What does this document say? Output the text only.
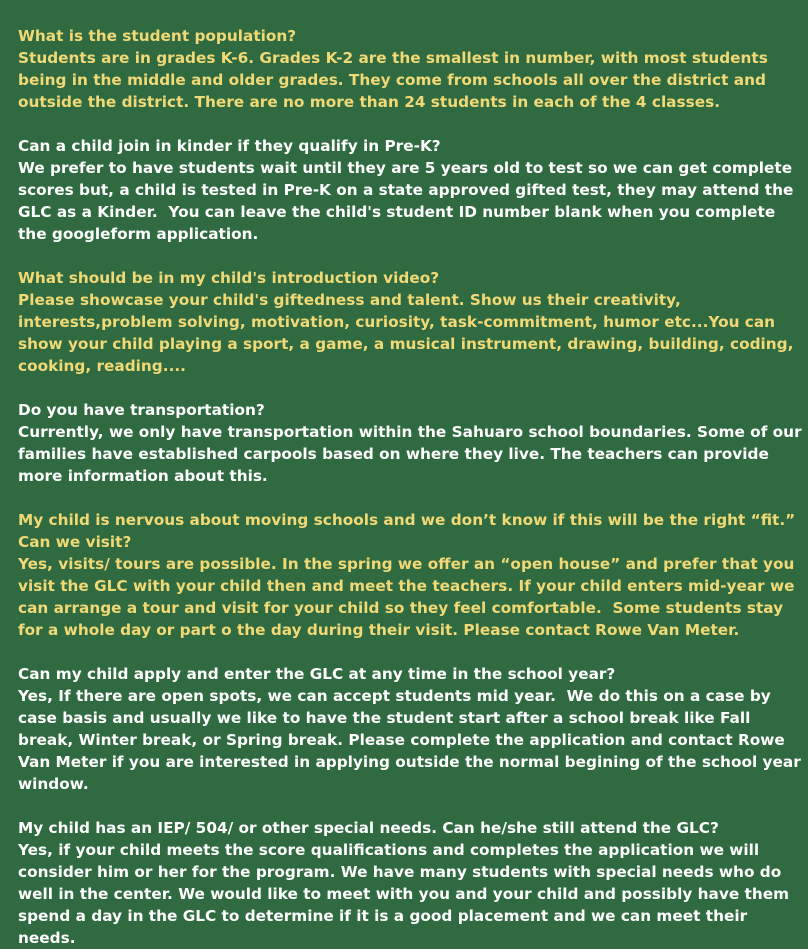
What is the student population?

Students are in grades K-6. Grades K-2 are the smallest in number, with most students being in the middle and older grades. They come from schools all over the district and outside the district. There are no more than 24 students in each of the 4 classes.

Can a child join in kinder if they qualify in Pre-K?

We prefer to have students wait until they are 5 years old to test so we can get complete scores but, a child is tested in Pre-K on a state approved gifted test, they may attend the GLC as a Kinder.  You can leave the child's student ID number blank when you complete the googleform application.

What should be in my child's introduction video?

Please showcase your child's giftedness and talent. Show us their creativity, interests,problem solving, motivation, curiosity, task-commitment, humor etc...You can show your child playing a sport, a game, a musical instrument, drawing, building, coding, cooking, reading....

Do you have transportation?

Currently, we only have transportation within the Sahuaro school boundaries. Some of our families have established carpools based on where they live. The teachers can provide more information about this.

My child is nervous about moving schools and we don’t know if this will be the right “fit.” Can we visit?

Yes, visits/ tours are possible. In the spring we offer an “open house” and prefer that you visit the GLC with your child then and meet the teachers. If your child enters mid-year we can arrange a tour and visit for your child so they feel comfortable.  Some students stay for a whole day or part o the day during their visit. Please contact Rowe Van Meter.

Can my child apply and enter the GLC at any time in the school year?

Yes, If there are open spots, we can accept students mid year.  We do this on a case by case basis and usually we like to have the student start after a school break like Fall break, Winter break, or Spring break. Please complete the application and contact Rowe Van Meter if you are interested in applying outside the normal begining of the school year window.

My child has an IEP/ 504/ or other special needs. Can he/she still attend the GLC?

Yes, if your child meets the score qualifications and completes the application we will consider him or her for the program. We have many students with special needs who do well in the center. We would like to meet with you and your child and possibly have them spend a day in the GLC to determine if it is a good placement and we can meet their needs.
